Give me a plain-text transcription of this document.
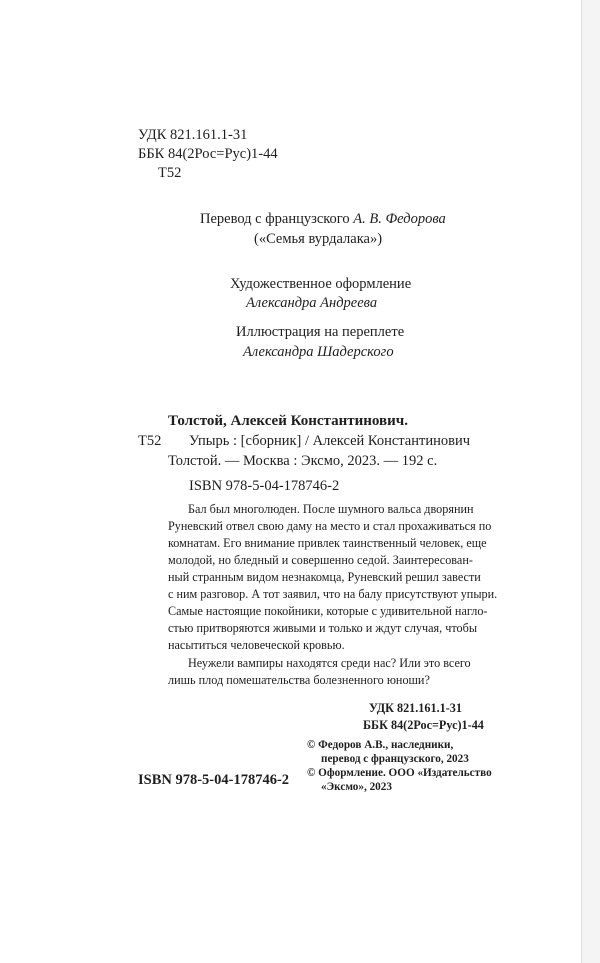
УДК 821.161.1-31
ББК 84(2Рос=Рус)1-44
Т52
Перевод с французского А. В. Федорова
(«Семья вурдалака»)
Художественное оформление
Александра Андреева
Иллюстрация на переплете
Александра Шадерского
Толстой, Алексей Константинович.
Т52 Упырь : [сборник] / Алексей Константинович
Толстой. — Москва : Эксмо, 2023. — 192 с.
ISBN 978-5-04-178746-2
Бал был многолюден. После шумного вальса дворянин
Руневский отвел свою даму на место и стал прохаживаться по
комнатам. Его внимание привлек таинственный человек, еще
молодой, но бледный и совершенно седой. Заинтересован-
ный странным видом незнакомца, Руневский решил завести
с ним разговор. А тот заявил, что на балу присутствуют упыри.
Самые настоящие покойники, которые с удивительной нагло-
стью притворяются живыми и только и ждут случая, чтобы
насытиться человеческой кровью.
Неужели вампиры находятся среди нас? Или это всего
лишь плод помешательства болезненного юноши?
УДК 821.161.1-31
ББК 84(2Рос=Рус)1-44
© Федоров А.В., наследники,
перевод с французского, 2023
© Оформление. ООО «Издательство
«Эксмо», 2023
ISBN 978-5-04-178746-2
